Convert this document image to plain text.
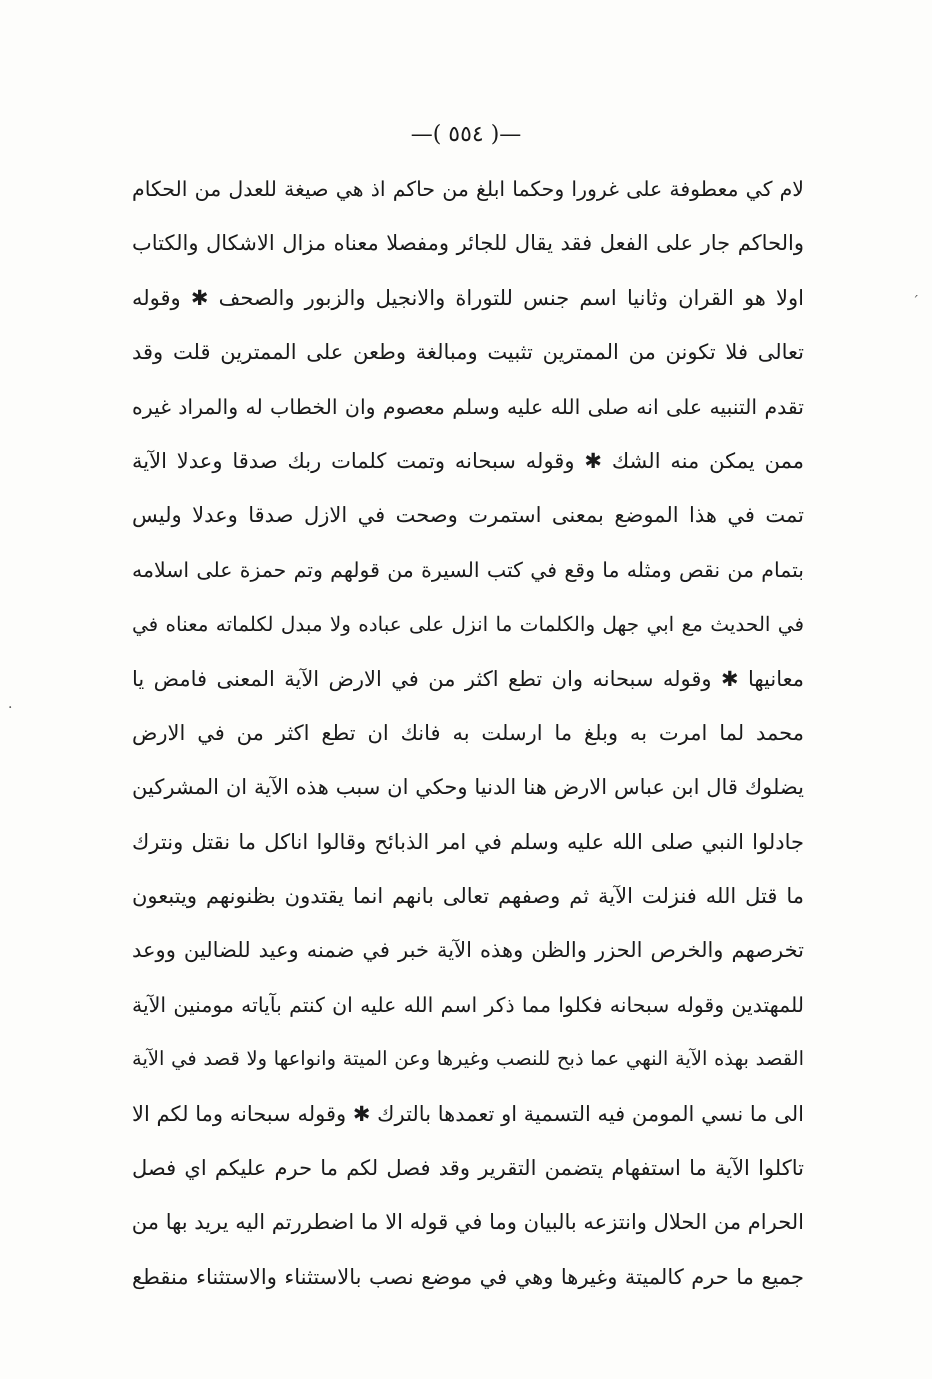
—( ٥٥٤ )—
ˊ
·
لام كي معطوفة على غرورا وحكما ابلغ من حاكم اذ هي صيغة للعدل من الحكام
والحاكم جار على الفعل فقد يقال للجائر ومفصلا معناه مزال الاشكال والكتاب
اولا هو القران وثانيا اسم جنس للتوراة والانجيل والزبور والصحف ✱ وقوله
تعالى فلا تكونن من الممترين تثبيت ومبالغة وطعن على الممترين قلت وقد
تقدم التنبيه على انه صلى الله عليه وسلم معصوم وان الخطاب له والمراد غيره
ممن يمكن منه الشك ✱ وقوله سبحانه وتمت كلمات ربك صدقا وعدلا الآية
تمت في هذا الموضع بمعنى استمرت وصحت في الازل صدقا وعدلا وليس
بتمام من نقص ومثله ما وقع في كتب السيرة من قولهم وتم حمزة على اسلامه
في الحديث مع ابي جهل والكلمات ما انزل على عباده ولا مبدل لكلماته معناه في
معانيها ✱ وقوله سبحانه وان تطع اكثر من في الارض الآية المعنى فامض يا
محمد لما امرت به وبلغ ما ارسلت به فانك ان تطع اكثر من في الارض
يضلوك قال ابن عباس الارض هنا الدنيا وحكي ان سبب هذه الآية ان المشركين
جادلوا النبي صلى الله عليه وسلم في امر الذبائح وقالوا اناكل ما نقتل ونترك
ما قتل الله فنزلت الآية ثم وصفهم تعالى بانهم انما يقتدون بظنونهم ويتبعون
تخرصهم والخرص الحزر والظن وهذه الآية خبر في ضمنه وعيد للضالين ووعد
للمهتدين وقوله سبحانه فكلوا مما ذكر اسم الله عليه ان كنتم بآياته مومنين الآية
القصد بهذه الآية النهي عما ذبح للنصب وغيرها وعن الميتة وانواعها ولا قصد في الآية
الى ما نسي المومن فيه التسمية او تعمدها بالترك ✱ وقوله سبحانه وما لكم الا
تاكلوا الآية ما استفهام يتضمن التقرير وقد فصل لكم ما حرم عليكم اي فصل
الحرام من الحلال وانتزعه بالبيان وما في قوله الا ما اضطررتم اليه يريد بها من
جميع ما حرم كالميتة وغيرها وهي في موضع نصب بالاستثناء والاستثناء منقطع
